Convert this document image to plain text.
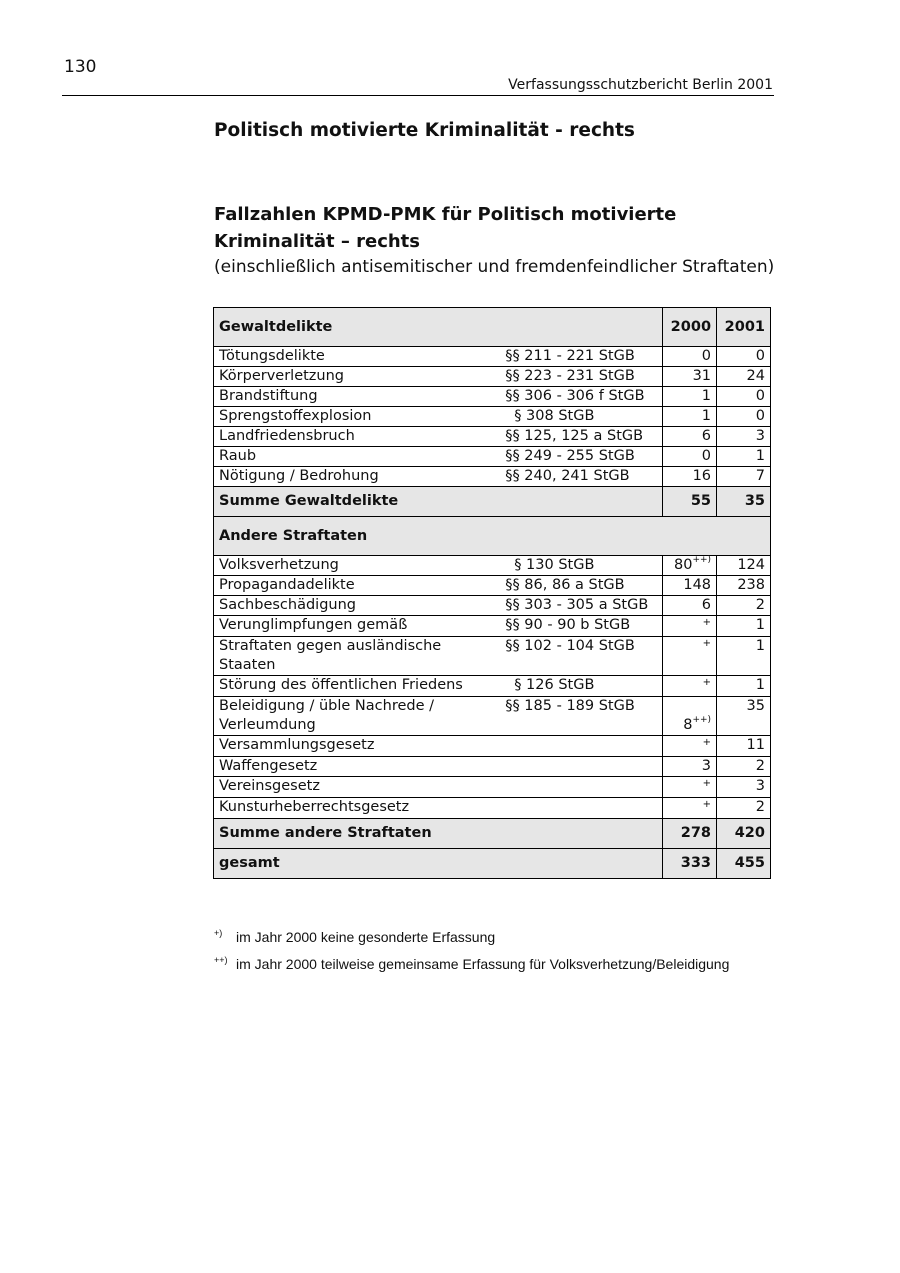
130
Verfassungsschutzbericht Berlin 2001
Politisch motivierte Kriminalität - rechts
Fallzahlen KPMD-PMK für Politisch motivierte Kriminalität – rechts
(einschließlich antisemitischer und fremdenfeindlicher Straftaten)
Gewaltdelikte		2000	2001
Tötungsdelikte	§§ 211 - 221 StGB	0	0
Körperverletzung	§§ 223 - 231 StGB	31	24
Brandstiftung	§§ 306 - 306 f StGB	1	0
Sprengstoffexplosion	§ 308 StGB	1	0
Landfriedensbruch	§§ 125, 125 a StGB	6	3
Raub	§§ 249 - 255 StGB	0	1
Nötigung / Bedrohung	§§ 240, 241 StGB	16	7
Summe Gewaltdelikte		55	35
Andere Straftaten			
Volksverhetzung	§ 130 StGB	80++)	124
Propagandadelikte	§§ 86, 86 a StGB	148	238
Sachbeschädigung	§§ 303 - 305 a StGB	6	2
Verunglimpfungen gemäß	§§ 90 - 90 b StGB	+	1
Straftaten gegen ausländische Staaten	§§ 102 - 104 StGB	+	1
Störung des öffentlichen Friedens	§ 126 StGB	+	1
Beleidigung / üble Nachrede / Verleumdung	§§ 185 - 189 StGB	8++)	35
Versammlungsgesetz		+	11
Waffengesetz		3	2
Vereinsgesetz		+	3
Kunsturheberrechtsgesetz		+	2
Summe andere Straftaten		278	420
gesamt		333	455
+) im Jahr 2000 keine gesonderte Erfassung
++) im Jahr 2000 teilweise gemeinsame Erfassung für Volksverhetzung/Beleidigung
